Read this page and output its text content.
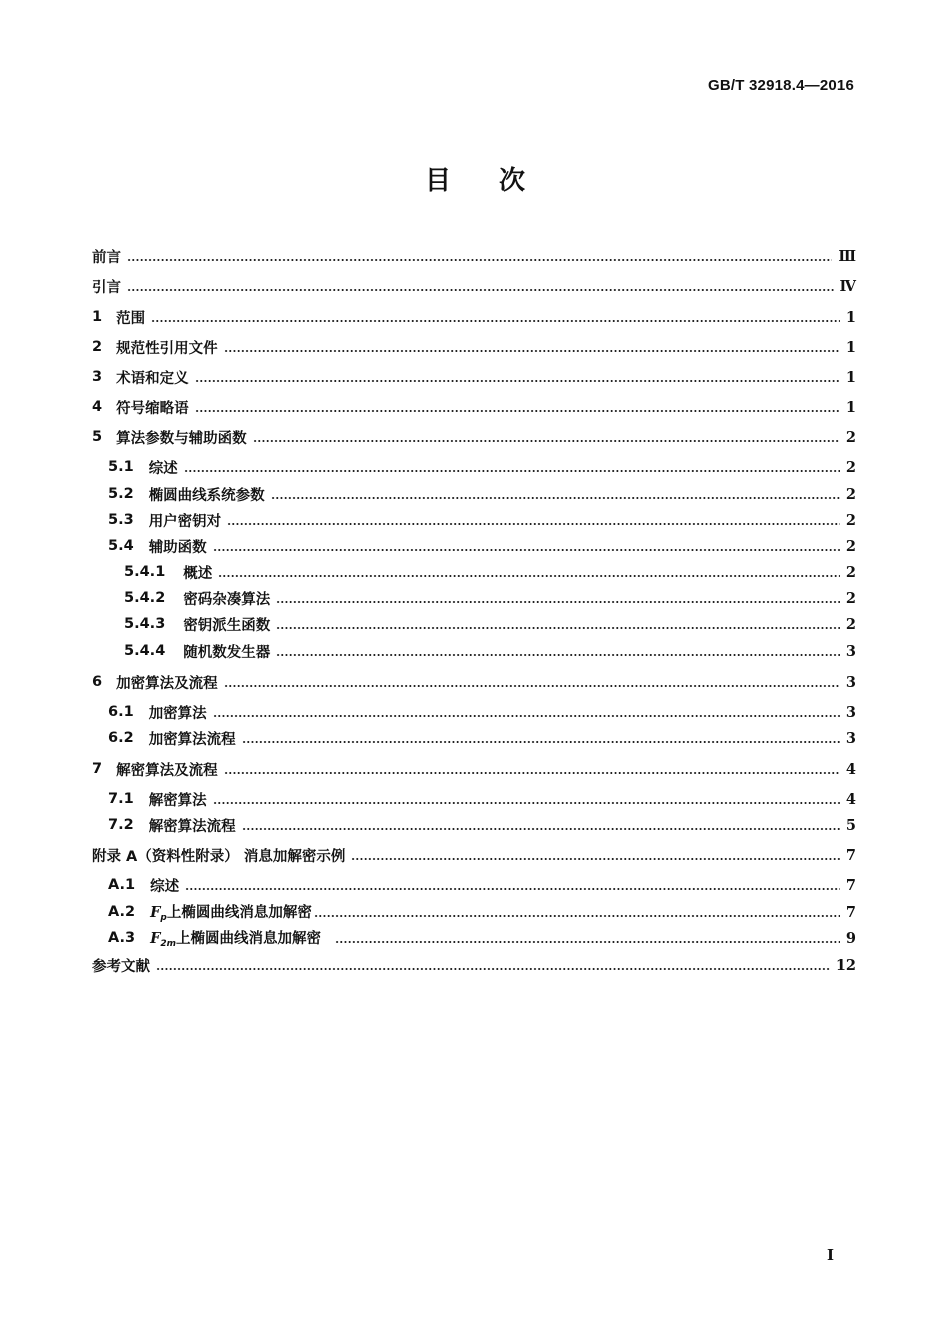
GB/T 32918.4—2016
目次
前言	Ⅲ
引言	Ⅳ
1 范围	1
2 规范性引用文件	1
3 术语和定义	1
4 符号缩略语	1
5 算法参数与辅助函数	2
5.1 综述	2
5.2 椭圆曲线系统参数	2
5.3 用户密钥对	2
5.4 辅助函数	2
5.4.1 概述	2
5.4.2 密码杂凑算法	2
5.4.3 密钥派生函数	2
5.4.4 随机数发生器	3
6 加密算法及流程	3
6.1 加密算法	3
6.2 加密算法流程	3
7 解密算法及流程	4
7.1 解密算法	4
7.2 解密算法流程	5
附录 A（资料性附录） 消息加解密示例	7
A.1 综述	7
A.2 $F_p$上椭圆曲线消息加解密	7
A.3 $F_{2m}$上椭圆曲线消息加解密	9
参考文献	12
I
